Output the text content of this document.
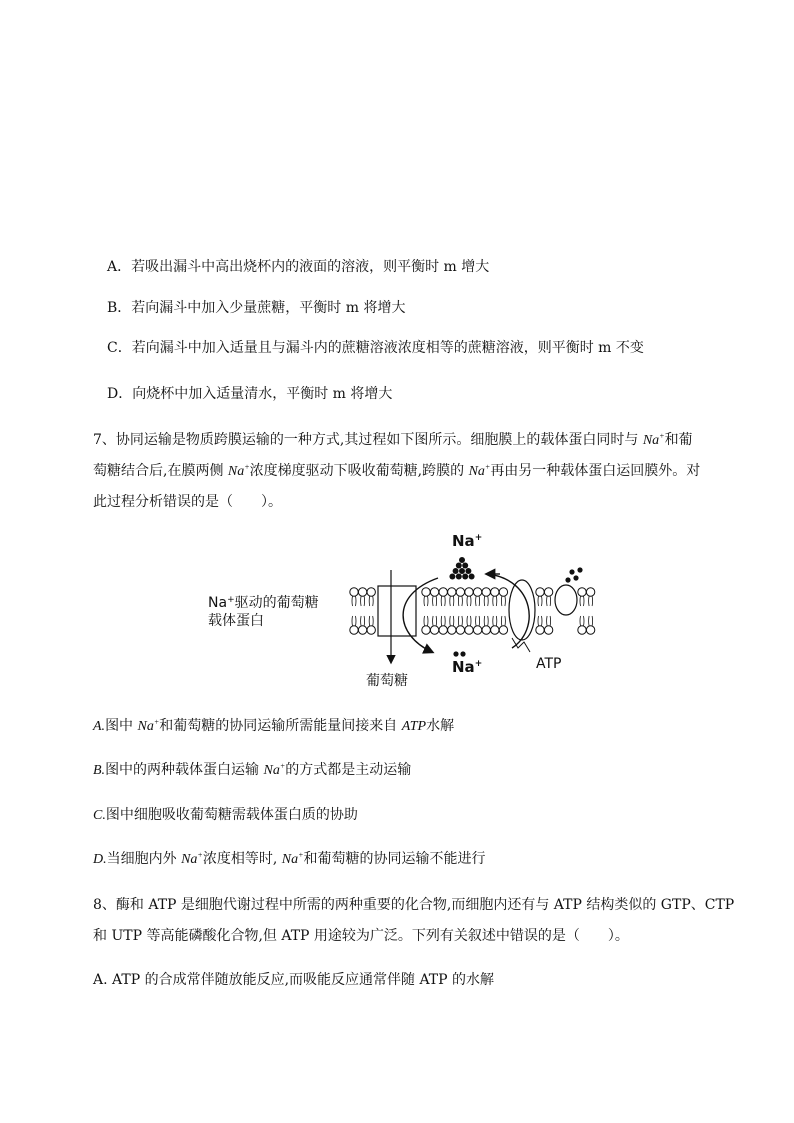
A．若吸出漏斗中高出烧杯内的液面的溶液，则平衡时 m 增大
B．若向漏斗中加入少量蔗糖，平衡时 m 将增大
C．若向漏斗中加入适量且与漏斗内的蔗糖溶液浓度相等的蔗糖溶液，则平衡时 m 不变
D．向烧杯中加入适量清水，平衡时 m 将增大
7、协同运输是物质跨膜运输的一种方式,其过程如下图所示。细胞膜上的载体蛋白同时与 Na+和葡
萄糖结合后,在膜两侧 Na+浓度梯度驱动下吸收葡萄糖,跨膜的 Na+再由另一种载体蛋白运回膜外。对
此过程分析错误的是（　　）。
Na+
Na+
Na+驱动的葡萄糖
载体蛋白
葡萄糖
ATP
A.图中 Na+和葡萄糖的协同运输所需能量间接来自 ATP水解
B.图中的两种载体蛋白运输 Na+的方式都是主动运输
C.图中细胞吸收葡萄糖需载体蛋白质的协助
D.当细胞内外 Na+浓度相等时, Na+和葡萄糖的协同运输不能进行
8、酶和 ATP 是细胞代谢过程中所需的两种重要的化合物,而细胞内还有与 ATP 结构类似的 GTP、CTP
和 UTP 等高能磷酸化合物,但 ATP 用途较为广泛。下列有关叙述中错误的是（　　）。
A. ATP 的合成常伴随放能反应,而吸能反应通常伴随 ATP 的水解
